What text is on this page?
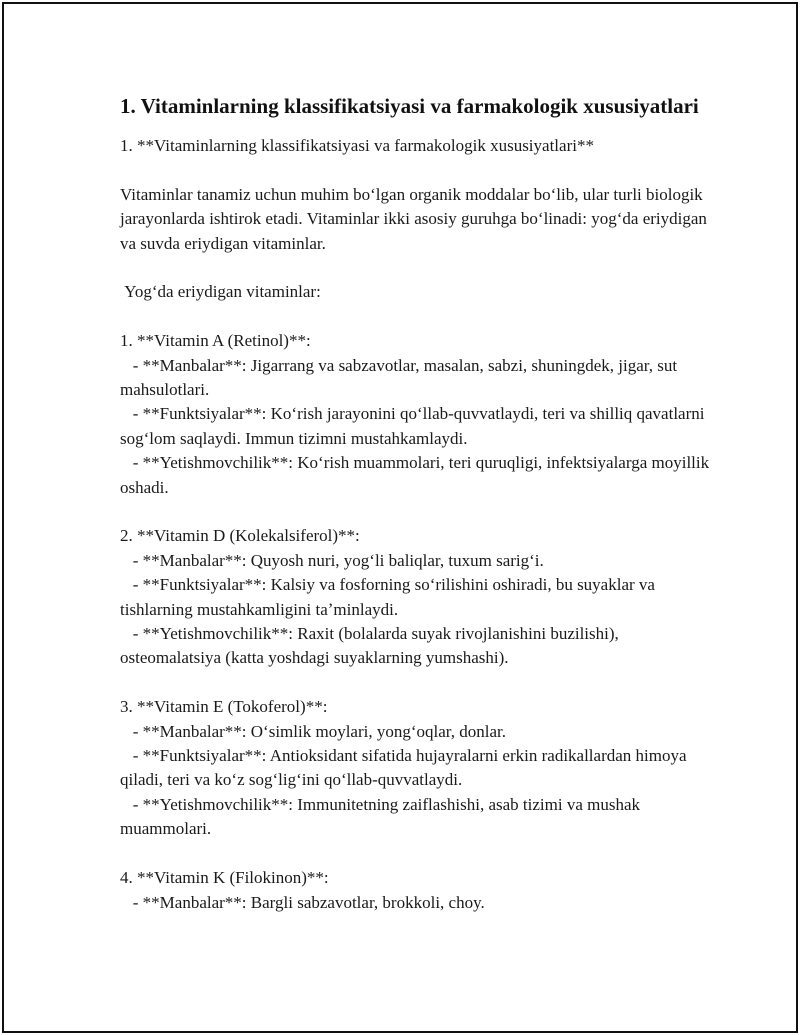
1. Vitaminlarning klassifikatsiyasi va farmakologik xususiyatlari

1. **Vitaminlarning klassifikatsiyasi va farmakologik xususiyatlari**

Vitaminlar tanamiz uchun muhim boʻlgan organik moddalar boʻlib, ular turli biologik jarayonlarda ishtirok etadi. Vitaminlar ikki asosiy guruhga boʻlinadi: yogʻda eriydigan va suvda eriydigan vitaminlar.

Yogʻda eriydigan vitaminlar:

1. **Vitamin A (Retinol)**:

- **Manbalar**: Jigarrang va sabzavotlar, masalan, sabzi, shuningdek, jigar, sut mahsulotlari.

- **Funktsiyalar**: Koʻrish jarayonini qoʻllab-quvvatlaydi, teri va shilliq qavatlarni sogʻlom saqlaydi. Immun tizimni mustahkamlaydi.

- **Yetishmovchilik**: Koʻrish muammolari, teri quruqligi, infektsiyalarga moyillik oshadi.

2. **Vitamin D (Kolekalsiferol)**:

- **Manbalar**: Quyosh nuri, yogʻli baliqlar, tuxum sarigʻi.

- **Funktsiyalar**: Kalsiy va fosforning soʻrilishini oshiradi, bu suyaklar va tishlarning mustahkamligini taʼminlaydi.

- **Yetishmovchilik**: Raxit (bolalarda suyak rivojlanishini buzilishi), osteomalatsiya (katta yoshdagi suyaklarning yumshashi).

3. **Vitamin E (Tokoferol)**:

- **Manbalar**: Oʻsimlik moylari, yongʻoqlar, donlar.

- **Funktsiyalar**: Antioksidant sifatida hujayralarni erkin radikallardan himoya qiladi, teri va koʻz sogʻligʻini qoʻllab-quvvatlaydi.

- **Yetishmovchilik**: Immunitetning zaiflashishi, asab tizimi va mushak muammolari.

4. **Vitamin K (Filokinon)**:

- **Manbalar**: Bargli sabzavotlar, brokkoli, choy.
